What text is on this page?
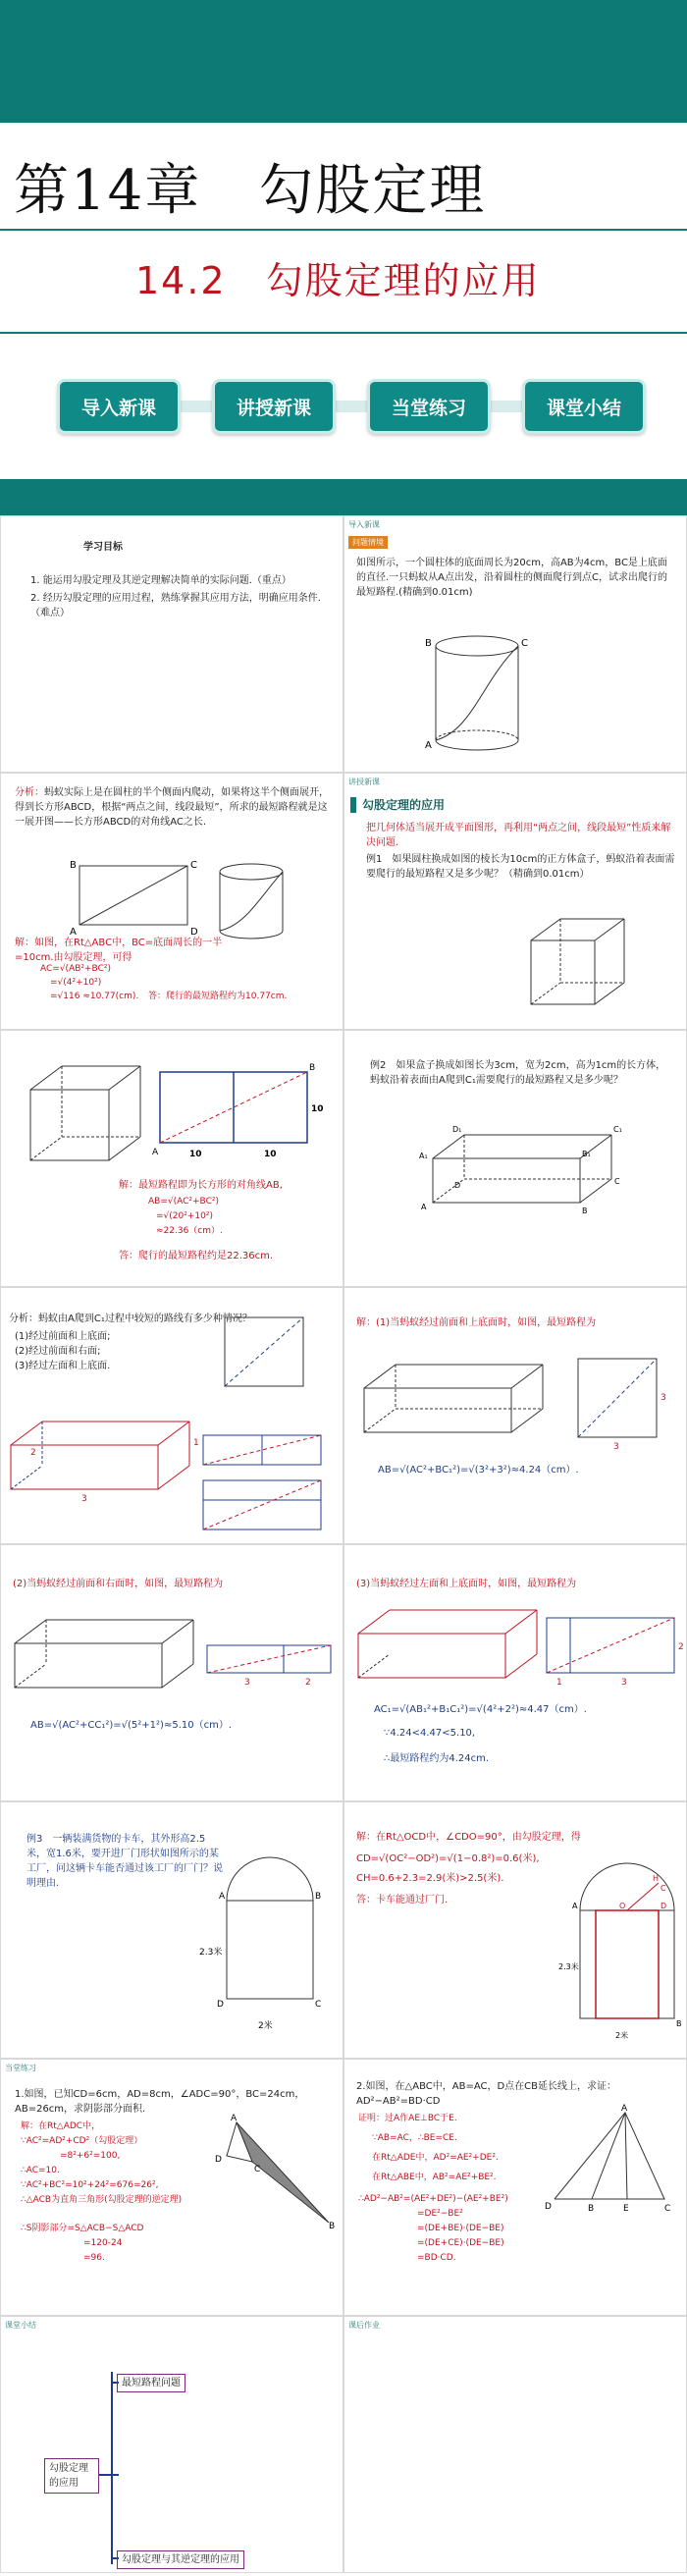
第14章　勾股定理
14.2　勾股定理的应用
导入新课	讲授新课	当堂练习	课堂小结
学习目标
1. 能运用勾股定理及其逆定理解决简单的实际问题.（重点）
2. 经历勾股定理的应用过程，熟练掌握其应用方法，明确应用条件.（难点）
导入新课
问题情境
如图所示，一个圆柱体的底面周长为20cm，高AB为4cm，BC是上底面的直径.一只蚂蚁从A点出发，沿着圆柱的侧面爬行到点C，试求出爬行的最短路程.(精确到0.01cm)
C
B
A
分析：蚂蚁实际上是在圆柱的半个侧面内爬动，如果将这半个侧面展开，得到长方形ABCD，根据“两点之间，线段最短”，所求的最短路程就是这一展开图——长方形ABCD的对角线AC之长.
B	C
A	D
解：如图，在Rt△ABC中，BC=底面周长的一半=10cm.由勾股定理，可得
AC=√(AB²+BC²)
=√(4²+10²)
=√116 ≈10.77(cm). 答：爬行的最短路程约为10.77cm.
讲授新课
勾股定理的应用
把几何体适当展开成平面图形，再利用“两点之间，线段最短”性质来解决问题.
例1　如果圆柱换成如图的棱长为10cm的正方体盒子，蚂蚁沿着表面需要爬行的最短路程又是多少呢？（精确到0.01cm）
A
B
10	10
10
解：最短路程即为长方形的对角线AB,
AB=√(AC²+BC²)
=√(20²+10²)
≈22.36（cm）.
答：爬行的最短路程约是22.36cm.
例2　如果盒子换成如图长为3cm，宽为2cm，高为1cm的长方体，蚂蚁沿着表面由A爬到C₁需要爬行的最短路程又是多少呢？
D₁	C₁
A₁	B₁
D	C
A	B
分析：蚂蚁由A爬到C₁过程中较短的路线有多少种情况？
(1)经过前面和上底面;
(2)经过前面和右面;
(3)经过左面和上底面.
3
2
1
解：(1)当蚂蚁经过前面和上底面时，如图，最短路程为
3
3
AB=√(AC²+BC₁²)=√(3²+3²)≈4.24（cm）.
(2)当蚂蚁经过前面和右面时，如图，最短路程为
3	2
AB=√(AC²+CC₁²)=√(5²+1²)≈5.10（cm）.
(3)当蚂蚁经过左面和上底面时，如图，最短路程为
3
1
2
AC₁=√(AB₁²+B₁C₁²)=√(4²+2²)≈4.47（cm）.
∵4.24<4.47<5.10,
∴最短路程约为4.24cm.
例3　一辆装满货物的卡车，其外形高2.5米，宽1.6米，要开进厂门形状如图所示的某工厂，问这辆卡车能否通过该工厂的厂门？说明理由.
2.3米
2米
A	B
C
D
解：在Rt△OCD中，∠CDO=90°，由勾股定理，得
CD=√(OC²−OD²)=√(1−0.8²)=0.6(米),
CH=0.6+2.3=2.9(米)>2.5(米).
答：卡车能通过厂门.
H
C
O	D
A
B
2.3米
2米
当堂练习
1.如图，已知CD=6cm，AD=8cm，∠ADC=90°，BC=24cm，AB=26cm，求阴影部分面积.
解：在Rt△ADC中，
∵AC²=AD²+CD²（勾股定理）
=8²+6²=100,
∴AC=10.
∵AC²+BC²=10²+24²=676=26²,
∴△ACB为直角三角形(勾股定理的逆定理)
∴S阴影部分=S△ACB−S△ACD
=120-24
=96.
A
D
C
B
2.如图，在△ABC中，AB=AC，D点在CB延长线上，求证：AD²−AB²=BD·CD
证明：过A作AE⊥BC于E.
∵AB=AC，∴BE=CE.
在Rt△ADE中，AD²=AE²+DE².
在Rt△ABE中，AB²=AE²+BE².
∴AD²−AB²=(AE²+DE²)−(AE²+BE²)
=DE²−BE²
=(DE+BE)·(DE−BE)
=(DE+CE)·(DE−BE)
=BD·CD.
A
D	B	E	C
课堂小结
勾股定理的应用
最短路程问题
勾股定理与其逆定理的应用
课后作业
